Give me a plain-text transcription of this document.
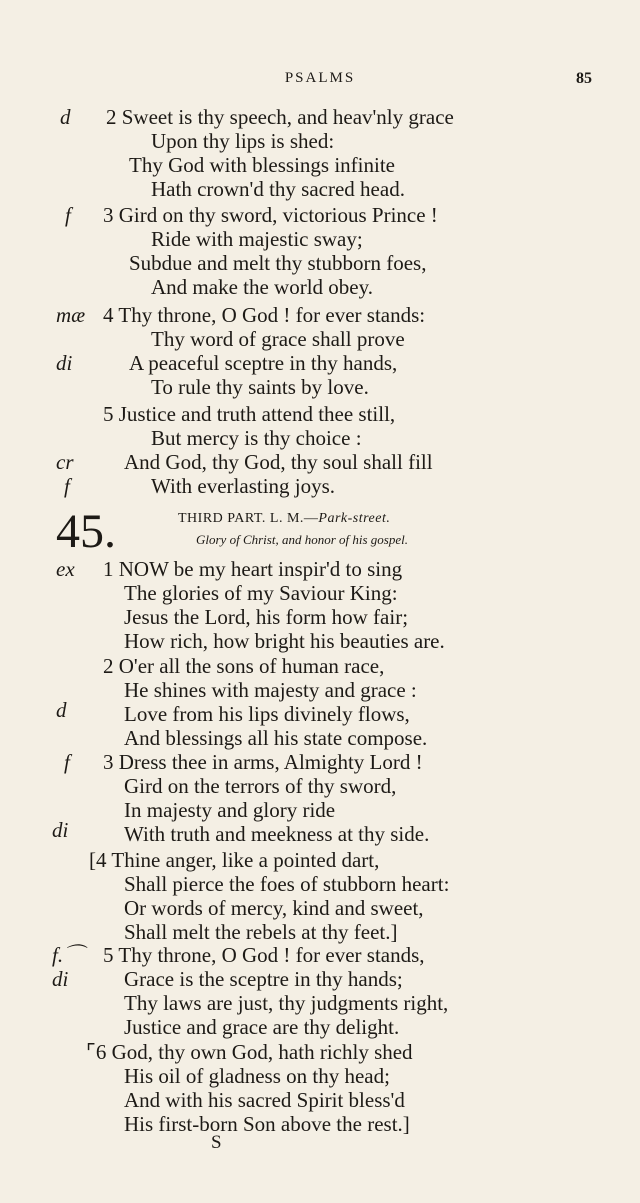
PSALMS	85
d
f
mæ
di
cr
f
ex
d
f
di
f.⌒
di
45.	THIRD PART. L. M.—Park-street.
Glory of Christ, and honor of his gospel.
2 Sweet is thy speech, and heav'nly grace
Upon thy lips is shed:
Thy God with blessings infinite
Hath crown'd thy sacred head.
3 Gird on thy sword, victorious Prince !
Ride with majestic sway;
Subdue and melt thy stubborn foes,
And make the world obey.
4 Thy throne, O God ! for ever stands:
Thy word of grace shall prove
A peaceful sceptre in thy hands,
To rule thy saints by love.
5 Justice and truth attend thee still,
But mercy is thy choice :
And God, thy God, thy soul shall fill
With everlasting joys.
1 NOW be my heart inspir'd to sing
The glories of my Saviour King:
Jesus the Lord, his form how fair;
How rich, how bright his beauties are.
2 O'er all the sons of human race,
He shines with majesty and grace :
Love from his lips divinely flows,
And blessings all his state compose.
3 Dress thee in arms, Almighty Lord !
Gird on the terrors of thy sword,
In majesty and glory ride
With truth and meekness at thy side.
[4 Thine anger, like a pointed dart,
Shall pierce the foes of stubborn heart:
Or words of mercy, kind and sweet,
Shall melt the rebels at thy feet.]
5 Thy throne, O God ! for ever stands,
Grace is the sceptre in thy hands;
Thy laws are just, thy judgments right,
Justice and grace are thy delight.
⌜6 God, thy own God, hath richly shed
His oil of gladness on thy head;
And with his sacred Spirit bless'd
His first-born Son above the rest.]
S
